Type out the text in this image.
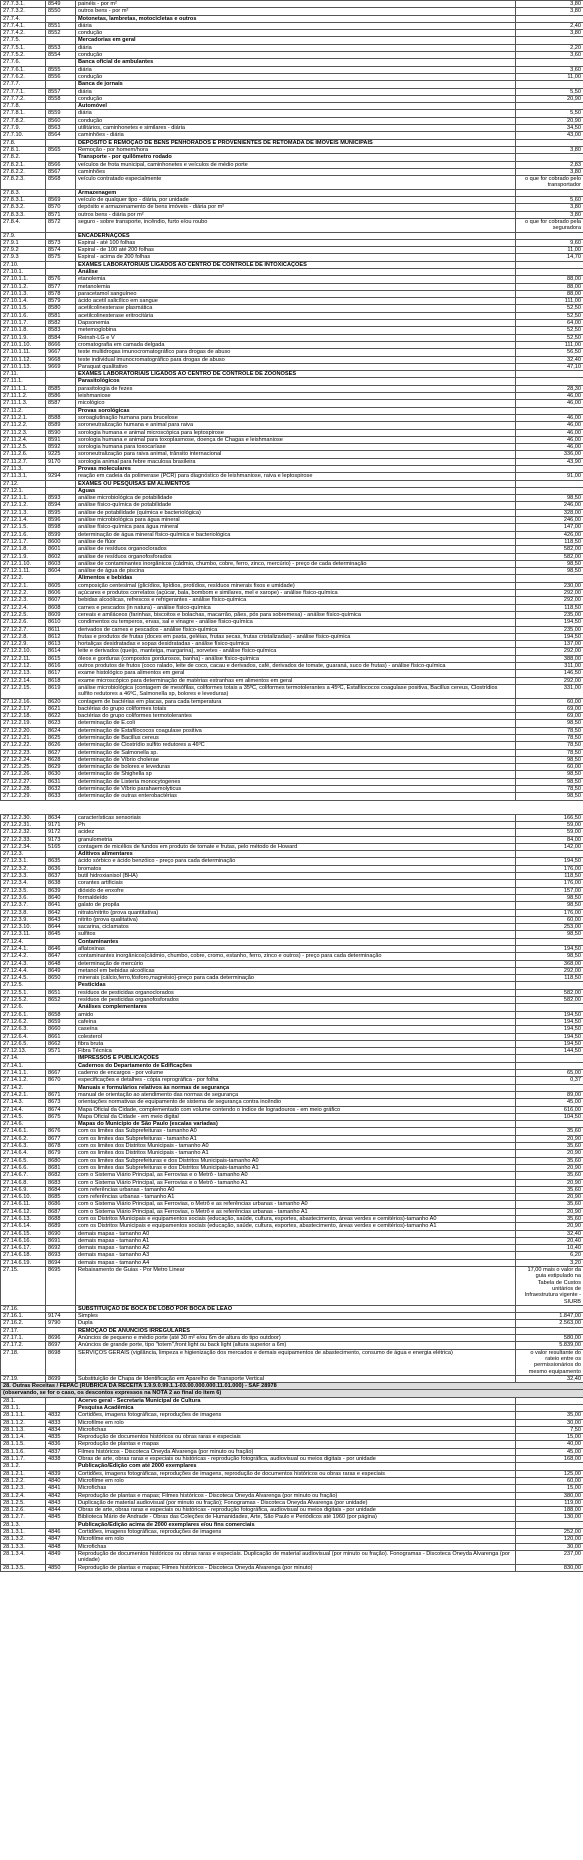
27.7.3.1.	8549	painéis - por m²	3,80
27.7.3.2.	8550	outros bens - por m²	3,80
27.7.4.		Motonetas, lambretas, motocicletas e outros	
27.7.4.1.	8551	diária	2,40
27.7.4.2.	8552	condução	3,80
27.7.5.		Mercadorias em geral	
27.7.5.1.	8553	diária	2,20
27.7.5.2.	8554	condução	3,60
27.7.6.		Banca oficial de ambulantes	
27.7.6.1.	8555	diária	3,60
27.7.6.2.	8556	condução	11,00
27.7.7.		Banca de jornais	
27.7.7.1.	8557	diária	5,50
27.7.7.2.	8558	condução	20,90
27.7.8.		Automóvel	
27.7.8.1.	8559	diária	5,50
27.7.8.2.	8560	condução	20,90
27.7.9.	8563	utilitários, caminhonetes e similares - diária	34,50
27.7.10.	8564	caminhões - diária	43,00
27.8.		DEPÓSITO E REMOÇÃO DE BENS PENHORADOS E PROVENIENTES DE RETOMADA DE IMÓVEIS MUNICIPAIS	
27.8.1.	8565	Remoção - por homem/hora	3,80
27.8.2.		Transporte - por quilômetro rodado	
27.8.2.1.	8566	veículos de frota municipal, caminhonetes e veículos de médio porte	2,83
27.8.2.2.	8567	caminhões	3,80
27.8.2.3.	8568	veículo contratado especialmente	o que for cobrado pelo transportador
27.8.3.		Armazenagem	
27.8.3.1.	8569	veículo de qualquer tipo - diária, por unidade	5,60
27.8.3.2.	8570	depósito e armazenamento de bens imóveis - diária por m²	3,80
27.8.3.3.	8571	outros bens - diária por m²	3,80
27.8.4.	8572	seguro - sobre transporte, incêndio, furto e/ou roubo	o que for cobrado pela seguradora
27.9.		ENCADERNAÇÕES	
27.9.1	8573	Espiral - até 100 folhas	9,60
27.9.2	8574	Espiral - de 100 até 200 folhas	11,00
27.9.3	8575	Espiral - acima de 200 folhas	14,70
27.10.		EXAMES LABORATORIAIS LIGADOS AO CENTRO DE CONTROLE DE INTOXICAÇÕES	
27.10.1.		Análise	
27.10.1.1.	8576	etanolemia	88,00
27.10.1.2.	8577	metanolemia	88,00
27.10.1.3.	8578	paracetamol sanguíneo	88,00
27.10.1.4.	8579	ácido acetil salicílico em sangue	111,00
27.10.1.5.	8580	acetilcolinesterase plasmática	52,50
27.10.1.6.	8581	acetilcolinesterase eritrocitária	52,50
27.10.1.7.	8582	Dapsonemia	64,00
27.10.1.8.	8583	metemoglobina	52,50
27.10.1.9.	8584	Reinsh-LG e V	52,50
27.10.1.10.	8666	cromatografia em camada delgada	111,00
27.10.1.11.	9667	teste multidrogas imunocromatográfico para drogas de abuso	56,50
27.10.1.12.	9668	teste individual imunocromatográfico para drogas de abuso	32,40
27.10.1.13.	9669	Paraquat qualitativo	47,10
27.11.		EXAMES LABORATORIAIS LIGADOS AO CENTRO DE CONTROLE DE ZOONOSES	
27.11.1.		Parasitológicos	
27.11.1.1.	8585	parasitologia de fezes	28,30
27.11.1.2.	8586	leishmaniose	46,00
27.11.1.3.	8587	micológico	46,00
27.11.2.		Provas sorológicas	
27.11.2.1.	8588	soroaglutinação humana para brucelose	46,00
27.11.2.2.	8589	soroneutralização humana e animal para raiva	46,00
27.11.2.3.	8590	sorologia humana e animal microscópica para leptospirose	46,00
27.11.2.4.	8591	sorologia humana e animal para toxoplasmose, doença de Chagas e leishmaniose	46,00
27.11.2.5.	8592	sorologia humana para toxocaríase	46,00
27.11.2.6.	9225	soroneutralização para raiva animal, trânsito internacional	336,00
27.11.2.7.	9170	sorologia animal para febre maculosa brasileira	43,90
27.11.3.		Provas moleculares	
27.11.3.1.	9294	reação em cadeia da polimerase (PCR) para diagnóstico de leishmaniose, raiva e leptospirose	91,00
27.12.		EXAMES OU PESQUISAS EM ALIMENTOS	
27.12.1.		Águas	
27.12.1.1.	8593	análise microbiológica de potabilidade	98,50
27.12.1.2.	8594	análise físico-química de potabilidade	246,00
27.12.1.3.	8595	análise de potabilidade (química e bacteriológica)	328,00
27.12.1.4.	8596	análise microbiológica para água mineral	246,00
27.12.1.5.	8598	análise físico-química para água mineral	147,00
27.12.1.6.	8599	determinação de água mineral físico-química e bacteriológica	426,00
27.12.1.7.	8600	análise de flúor	118,50
27.12.1.8.	8601	análise de resíduos organoclorados	582,00
27.12.1.9.	8602	análise de resíduos organofosforados	582,00
27.12.1.10.	8603	análise de contaminantes inorgânicos (cádmio, chumbo, cobre, ferro, zinco, mercúrio) - preço de cada determinação	98,50
27.12.1.11.	8604	análise de água de piscina	98,50
27.12.2.		Alimentos e bebidas	
27.12.2.1.	8605	composição centesimal (glicídios, lipídios, protídios, resíduos minerais fixos e umidade)	230,00
27.12.2.2.	8606	açúcares e produtos correlatos (açúcar, bala, bombom e similares, mel e xarope) - análise físico-química	292,00
27.12.2.3.	8607	bebidas alcoólicas, refrescos e refrigerantes - análise físico-química	292,00
27.12.2.4.	8608	carnes e pescados (in natura) - análise físico-química	118,50
27.12.2.5.	8609	cereais e amiláceos (farinhas, biscoitos e bolachas, macarrão, pães, pós para sobremesa) - análise físico-química	235,00
27.12.2.6.	8610	condimentos ou temperos, ervas, sal e vinagre - análise físico-química	194,50
27.12.2.7.	8611	derivados de carnes e pescados - análise físico-química	235,00
27.12.2.8.	8612	frutas e produtos de frutas (doces em pasta, geléias, frutas secas, frutas cristalizadas) - análise físico-química	194,50
27.12.2.9.	8613	hortaliças desidratadas e sopas desidratadas - análise físico-química	137,00
27.12.2.10.	8614	leite e derivados (queijo, manteiga, margarina), sorvetes - análise físico-química	292,00
27.12.2.11.	8615	óleos e gorduras (compostos gordurosos, banha) - análise físico-química	388,00
27.12.2.12.	8616	outros produtos de frutos (coco ralado, leite de coco, cacau e derivados, café, derivados de tomate, guaraná, suco de frutas) - análise físico-química	311,00
27.12.2.13.	8617	exame histológico para alimentos em geral	146,50
27.12.2.14.	8618	exame microscópico para determinação de matérias estranhas em alimentos em geral	292,00
27.12.2.15.	8619	análise microbiológica (contagem de mesófilas, coliformes totais a 35ºC, coliformes termotolerantes a 45ºC, Estafilococos coagulase positiva, Bacillus cereus, Clostrídios sulfito redutores a 46ºC, Salmonella sp, bolores e leveduras)	331,00
27.12.2.16.	8620	contagem de bactérias em placas, para cada temperatura	60,00
27.12.2.17.	8621	bactérias do grupo coliformes totais	69,00
27.12.2.18.	8622	bactérias do grupo coliformes termotolerantes	69,00
27.12.2.19.	8623	determinação de E.coli	98,50
27.12.2.20.	8624	determinação de Estafilococos coagulase positiva	78,50
27.12.2.21.	8625	determinação de Bacillus cereus	78,50
27.12.2.22.	8626	determinação de Clostrídio sulfito redutores a 46ºC	78,50
27.12.2.23.	8627	determinação de Salmonella sp.	78,50
27.12.2.24.	8628	determinação de Víbrio cholerae	98,50
27.12.2.25.	8629	determinação de bolores e leveduras	60,00
27.12.2.26.	8630	determinação de Shighella sp	98,50
27.12.2.27.	8631	determinação de Listeria monocytogenes	98,50
27.12.2.28.	8632	determinação de Víbrio parahaemolyticus	78,50
27.12.2.29.	8633	determinação de outras enterobactérias	98,50

27.12.2.30.	8634	características sensoriais	166,50
27.12.2.31.	9171	Ph	59,00
27.12.2.32.	9172	acidez	59,00
27.12.2.33.	9173	granulometria	84,00
27.12.2.34.	5165	contagem de micélios de fundos em produto de tomate e frutas, pelo método de Howard	142,00
27.12.3.		Aditivos alimentares	
27.12.3.1.	8635	ácido sórbico e ácido benzóico - preço para cada determinação	194,50
27.12.3.2.	8636	bromatos	176,00
27.12.3.3.	8637	butil hidroxianisol (BHA)	118,50
27.12.3.4.	8638	corantes artificiais	176,00
27.12.3.5.	8639	dióxido de enxofre	157,00
27.12.3.6.	8640	formaldeído	98,50
27.12.3.7.	8641	galato de propila	98,50
27.12.3.8.	8642	nitrato/nitrito (prova quantitativa)	176,00
27.12.3.9.	8643	nitrito (prova qualitativa)	60,00
27.12.3.10.	8644	sacarina, ciclamatos	253,00
27.12.3.11.	8645	sulfitos	98,50
27.12.4.		Contaminantes	
27.12.4.1.	8646	aflatoxinas	194,50
27.12.4.2.	8647	contaminantes inorgânicos(cádmio, chumbo, cobre, cromo, estanho, ferro, zinco e outros) - preço para cada determinação	98,50
27.12.4.3.	8648	determinação de mercúrio	368,00
27.12.4.4.	8649	metanol em bebidas alcoólicas	292,00
27.12.4.5.	8650	minerais (cálcio,ferro,fósforo,magnésio)-preço para cada determinação	118,50
27.12.5.		Pesticidas	
27.12.5.1.	8651	resíduos de pesticidas organoclorados	582,00
27.12.5.2.	8652	resíduos de pesticidas organofosforados	582,00
27.12.6.		Análises complementares	
27.12.6.1.	8658	amido	194,50
27.12.6.2.	8659	cafeína	194,50
27.12.6.3.	8660	caseína	194,50
27.12.6.4.	8661	colesterol	194,50
27.12.6.5.	8662	fibra bruta	194,50
27.12.13.	9571	Fibra Técnica	144,50
27.14.		IMPRESSOS E PUBLICAÇÕES	
27.14.1.		Cadernos do Departamento de Edificações	
27.14.1.1.	8667	caderno de encargos - por volume	65,00
27.14.1.2.	8670	especificações e detalhes - cópia reprográfica - por folha	0,37
27.14.2.		Manuais e formulários relativos às normas de segurança	
27.14.2.1.	8671	manual de orientação ao atendimento das normas de segurança	89,00
27.14.3.	8673	orientações normativas de equipamento de sistema de segurança contra incêndio	45,00
27.14.4.	8674	Mapa Oficial da Cidade, complementado com volume contendo o índice de logradouros - em meio gráfico	616,00
27.14.5.	8675	Mapa Oficial da Cidade - em meio digital	104,50
27.14.6.		Mapas do Município de São Paulo (escalas variadas)	
27.14.6.1.	8676	com os limites das Subprefeituras - tamanho A0	35,60
27.14.6.2.	8677	com os limites das Subprefeituras - tamanho A1	20,90
27.14.6.3.	8678	com os limites dos Distritos Municipais - tamanho A0	35,60
27.14.6.4.	8679	com os limites dos Distritos Municipais - tamanho A1	20,90
27.14.6.5.	8680	com os limites das Subprefeituras e dos Distritos Municipais-tamanho A0	35,60
27.14.6.6.	8681	com os limites das Subprefeituras e dos Distritos Municipais-tamanho A1	20,90
27.14.6.7.	8682	com o Sistema Viário Principal, as Ferrovias e o Metrô - tamanho A0	35,60
27.14.6.8.	8683	com o Sistema Viário Principal, as Ferrovias e o Metrô - tamanho A1	20,90
27.14.6.9.	8684	com referências urbanas - tamanho A0	35,60
27.14.6.10.	8685	com referências urbanas - tamanho A1	20,90
27.14.6.11.	8686	com o Sistema Viário Principal, as Ferrovias, o Metrô e as referências urbanas - tamanho A0	35,60
27.14.6.12.	8687	com o Sistema Viário Principal, as Ferrovias, o Metrô e as referências urbanas - tamanho A1	20,90
27.14.6.13.	8688	com os Distritos Municipais e equipamentos sociais (educação, saúde, cultura, esportes, abastecimento, áreas verdes e cemitérios)-tamanho A0	35,60
27.14.6.14.	8689	com os Distritos Municipais e equipamentos sociais (educação, saúde, cultura, esportes, abastecimento, áreas verdes e cemitérios)-tamanho A1	20,90
27.14.6.15.	8690	demais mapas - tamanho A0	32,40
27.14.6.16.	8691	demais mapas - tamanho A1	20,40
27.14.6.17.	8692	demais mapas - tamanho A2	10,40
27.14.6.18.	8693	demais mapas - tamanho A3	6,20
27.14.6.19.	8694	demais mapas - tamanho A4	3,20
27.15.	8695	Rebaixamento de Guias - Por Metro Linear	17,00 mais o valor da guia estipulado na Tabela de Custos unitários de Infraestrutura vigente - SIURB
27.16.		SUBSTITUIÇÃO DE BOCA DE LOBO POR BOCA DE LEÃO	
27.16.1.	9174	Simples	1.847,00
27.16.2.	9790	Dupla	2.563,00
27.17.		REMOÇÃO DE ANÚNCIOS IRREGULARES	
27.17.1.	8696	Anúncios de pequeno e médio porte (até 30 m² e/ou 6m de altura do tipo outdoor)	580,00
27.17.2.	8697	Anúncios de grande porte, tipo "totem",front light ou back light (altura superior a 6m)	5.839,00
27.18.	8698	SERVIÇOS GERAIS (vigilância, limpeza e higienização dos mercados e demais equipamentos de abastecimento, consumo de água e energia elétrica)	o valor resultante do rateio entre os permissionários do mesmo equipamento
27.19.	8699	Substituição de Chapa de Identificação em Aparelho de Transporte Vertical	32,40
28. Outras Receitas / FEPAC (RUBRICA DA RECEITA 1.9.9.0.99.1.1-03.00.000.000.11.01.000) - SAF 28978			
(observando, se for o caso, os descontos expressos na NOTA 2 ao final do item 6)			
28.1.		Acervo geral - Secretaria Municipal de Cultura	
28.1.1.		Pesquisa Acadêmica	
28.1.1.1.	4832	Cortidões, imagens fotográficas, reproduções de imagens	35,00
28.1.1.2.	4833	Microfilme em rolo	30,00
28.1.1.3.	4834	Microfichas	7,50
28.1.1.4.	4835	Reprodução de documentos históricos ou obras raras e especiais	15,00
28.1.1.5.	4836	Reprodução de plantas e mapas	40,00
28.1.1.6.	4837	Filmes históricos - Discoteca Oneyda Alvarenga (por minuto ou fração)	45,00
28.1.1.7.	4838	Obras de arte, obras raras e especiais ou históricas - reprodução fotográfica, audiovisual ou meios digitais - por unidade	168,00
28.1.2.		Publicação/Edição com até 2000 exemplares	
28.1.2.1.	4839	Cortidões, imagens fotográficas, reproduções de imagens, reprodução de documentos históricos ou obras raras e especiais	125,00
28.1.2.2.	4840	Microfilme em rolo	60,00
28.1.2.3.	4841	Microfichas	15,00
28.1.2.4.	4842	Reprodução de plantas e mapas; Filmes históricos - Discoteca Oneyda Alvarenga (por minuto ou fração)	380,00
28.1.2.5.	4843	Duplicação de material audiovisual (por minuto ou fração); Fonogramas - Discoteca Oneyda Alvarenga (por unidade)	119,00
28.1.2.6.	4844	Obras de arte, obras raras e especiais ou históricas - reprodução fotográfica, audiovisual ou meios digitais - por unidade	188,00
28.1.2.7.	4845	Biblioteca Mário de Andrade - Obras das Coleções de Humanidades, Arte, São Paulo e Periódicos até 1960 (por página)	130,00
28.1.3.		Publicação/Edição acima de 2000 exemplares e/ou fins comerciais	
28.1.3.1.	4846	Cortidões, imagens fotográficas, reproduções de imagens	252,00
28.1.3.2.	4847	Microfilme em rolo	120,00
28.1.3.3.	4848	Microfichas	30,00
28.1.3.4.	4849	Reprodução de documentos históricos ou obras raras e especiais. Duplicação de material audiovisual (por minuto ou fração). Fonogramas - Discoteca Oneyda Alvarenga (por unidade)	237,00
28.1.3.5.	4850	Reprodução de plantas e mapas; Filmes históricos - Discoteca Oneyda Alvarenga (por minuto)	830,00
